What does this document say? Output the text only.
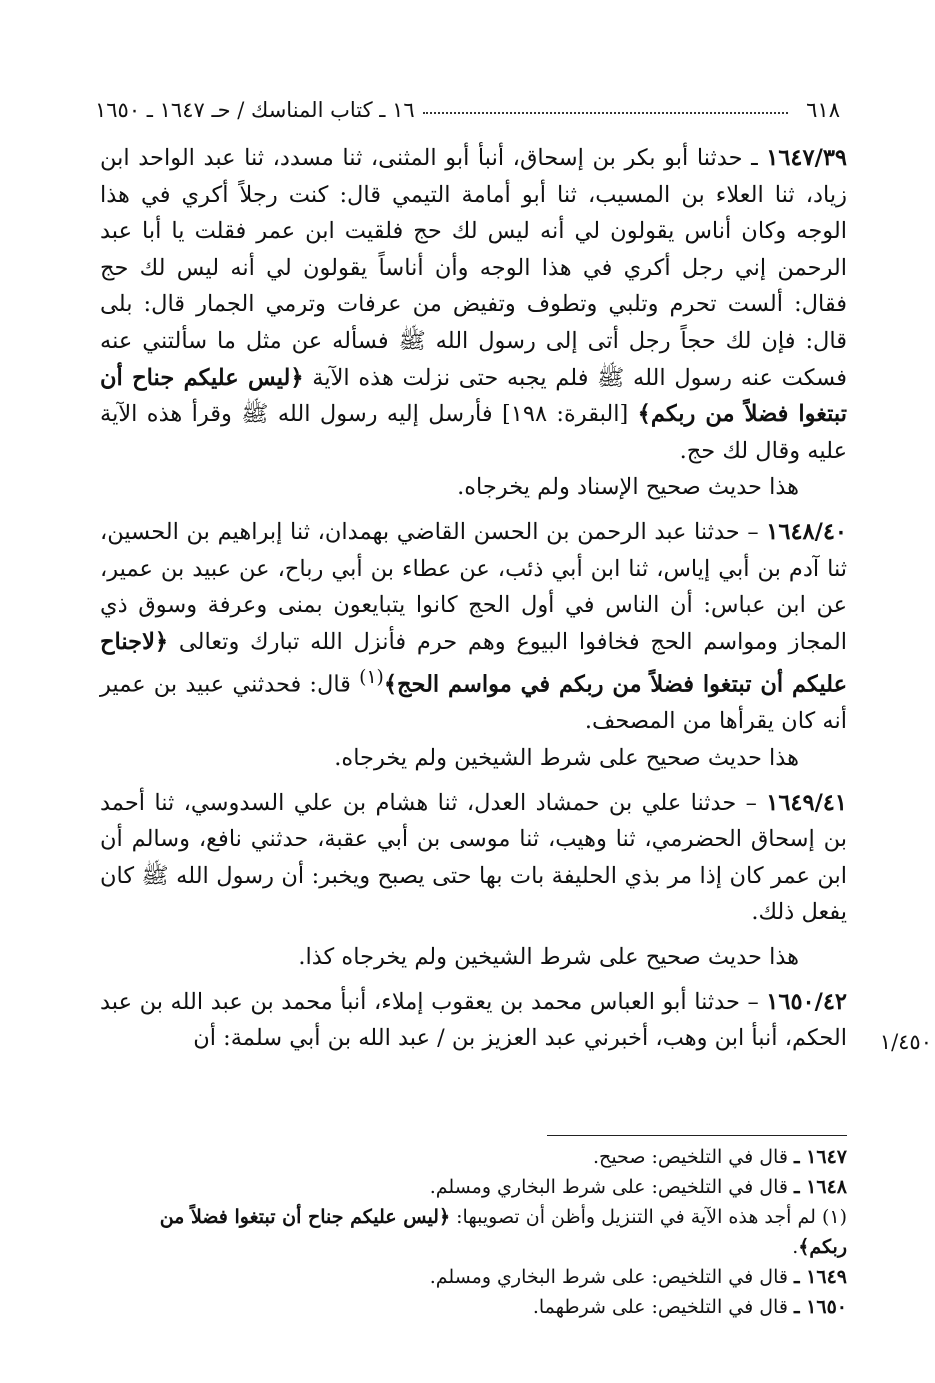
٦١٨
١٦ ـ كتاب المناسك / حـ ١٦٤٧ ـ ١٦٥٠

١٦٤٧/٣٩ ـ حدثنا أبو بكر بن إسحاق، أنبأ أبو المثنى، ثنا مسدد، ثنا عبد الواحد ابن زياد، ثنا العلاء بن المسيب، ثنا أبو أمامة التيمي قال: كنت رجلاً أكري في هذا الوجه وكان أناس يقولون لي أنه ليس لك حج فلقيت ابن عمر فقلت يا أبا عبد الرحمن إني رجل أكري في هذا الوجه وأن أناساً يقولون لي أنه ليس لك حج فقال: ألست تحرم وتلبي وتطوف وتفيض من عرفات وترمي الجمار قال: بلى قال: فإن لك حجاً رجل أتى إلى رسول الله ﷺ فسأله عن مثل ما سألتني عنه فسكت عنه رسول الله ﷺ فلم يجبه حتى نزلت هذه الآية ﴿ليس عليكم جناح أن تبتغوا فضلاً من ربكم﴾ [البقرة: ١٩٨] فأرسل إليه رسول الله ﷺ وقرأ هذه الآية عليه وقال لك حج.

هذا حديث صحيح الإسناد ولم يخرجاه.

١٦٤٨/٤٠ – حدثنا عبد الرحمن بن الحسن القاضي بهمدان، ثنا إبراهيم بن الحسين، ثنا آدم بن أبي إياس، ثنا ابن أبي ذئب، عن عطاء بن أبي رباح، عن عبيد بن عمير، عن ابن عباس: أن الناس في أول الحج كانوا يتبايعون بمنى وعرفة وسوق ذي المجاز ومواسم الحج فخافوا البيوع وهم حرم فأنزل الله تبارك وتعالى ﴿لاجناح عليكم أن تبتغوا فضلاً من ربكم في مواسم الحج﴾$^{(١)}$ قال: فحدثني عبيد بن عمير أنه كان يقرأها من المصحف.

هذا حديث صحيح على شرط الشيخين ولم يخرجاه.

١٦٤٩/٤١ – حدثنا علي بن حمشاد العدل، ثنا هشام بن علي السدوسي، ثنا أحمد بن إسحاق الحضرمي، ثنا وهيب، ثنا موسى بن أبي عقبة، حدثني نافع، وسالم أن ابن عمر كان إذا مر بذي الحليفة بات بها حتى يصبح ويخبر: أن رسول الله ﷺ كان يفعل ذلك.

هذا حديث صحيح على شرط الشيخين ولم يخرجاه كذا.

١٦٥٠/٤٢ – حدثنا أبو العباس محمد بن يعقوب إملاء، أنبأ محمد بن عبد الله بن عبد الحكم، أنبأ ابن وهب، أخبرني عبد العزيز بن / عبد الله بن أبي سلمة: أن ١/٤٥٠

١٦٤٧ ـ قال في التلخيص: صحيح.

١٦٤٨ ـ قال في التلخيص: على شرط البخاري ومسلم.

(١) لم أجد هذه الآية في التنزيل وأظن أن تصويبها: ﴿ليس عليكم جناح أن تبتغوا فضلاً من ربكم﴾.

١٦٤٩ ـ قال في التلخيص: على شرط البخاري ومسلم.

١٦٥٠ ـ قال في التلخيص: على شرطهما.
